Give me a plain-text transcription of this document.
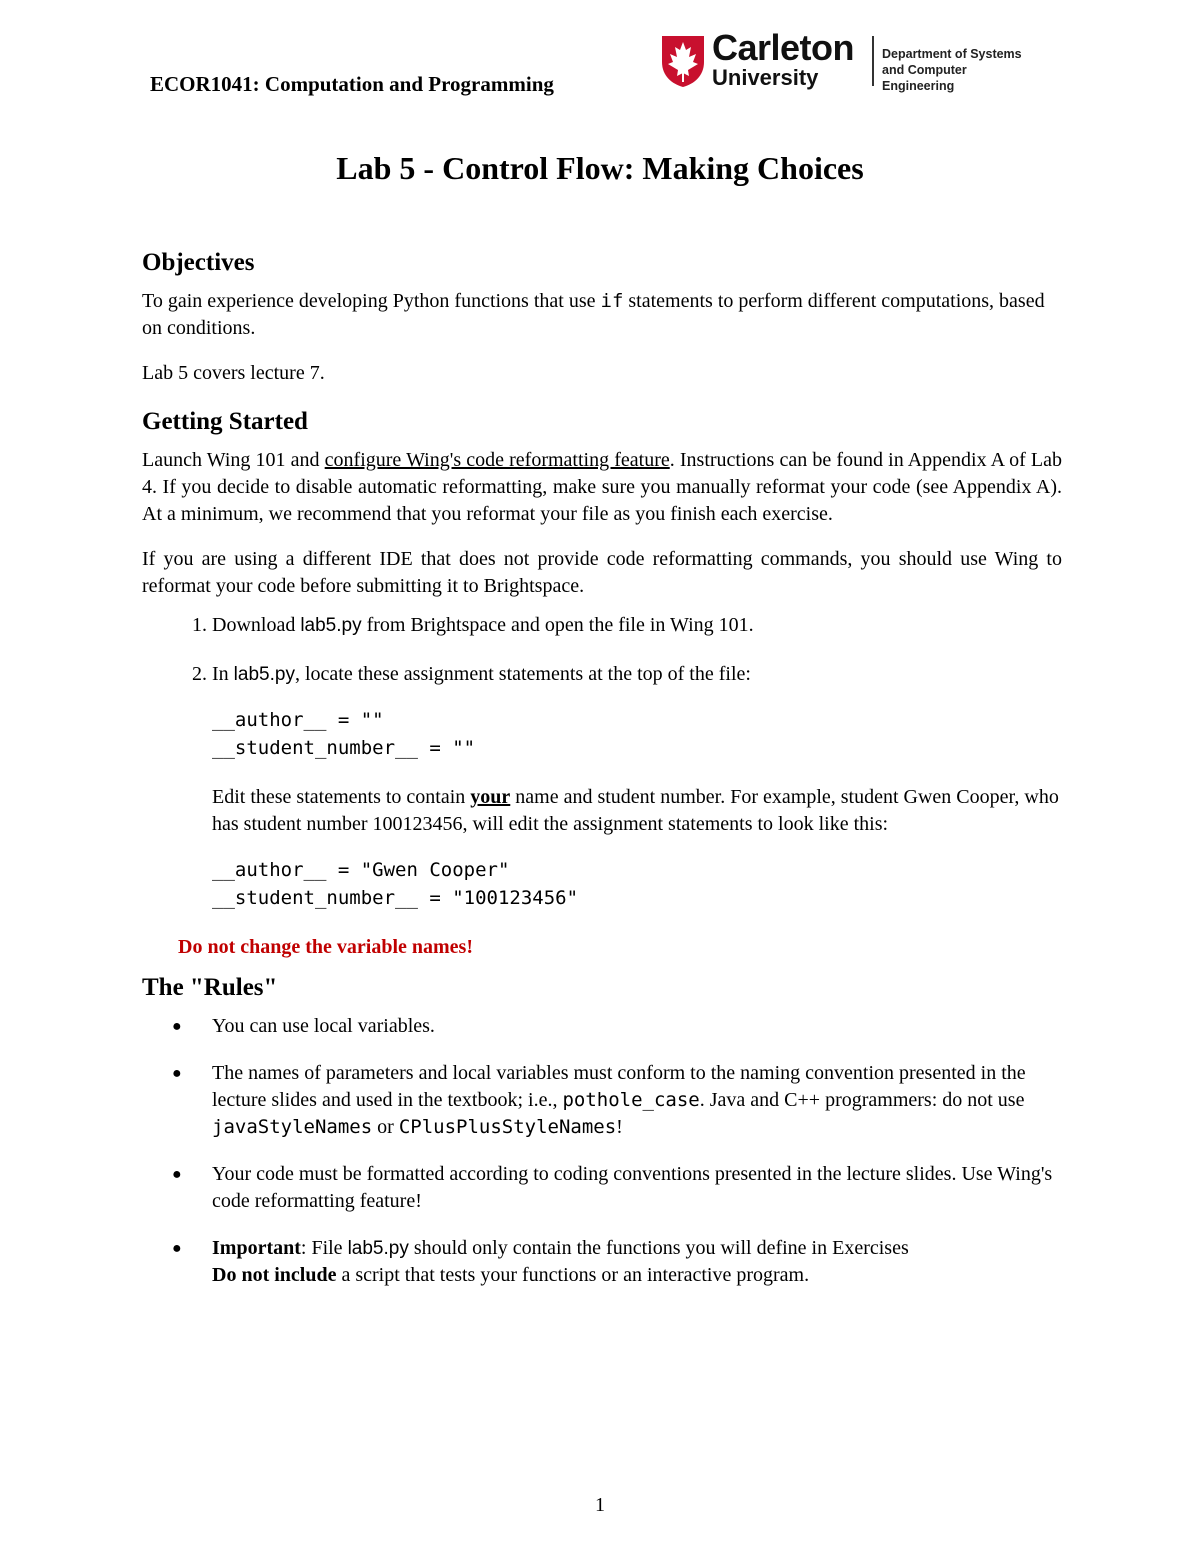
ECOR1041: Computation and Programming
Carleton
University
Department of Systems
and Computer Engineering
Lab 5 - Control Flow: Making Choices
Objectives

To gain experience developing Python functions that use if statements to perform different computations, based on conditions.

Lab 5 covers lecture 7.

Getting Started

Launch Wing 101 and configure Wing's code reformatting feature. Instructions can be found in Appendix A of Lab 4. If you decide to disable automatic reformatting, make sure you manually reformat your code (see Appendix A). At a minimum, we recommend that you reformat your file as you finish each exercise.

If you are using a different IDE that does not provide code reformatting commands, you should use Wing to reformat your code before submitting it to Brightspace.

1. Download lab5.py from Brightspace and open the file in Wing 101.
2. In lab5.py, locate these assignment statements at the top of the file:
__author__ = ""
__student_number__ = ""
Edit these statements to contain your name and student number. For example, student Gwen Cooper, who has student number 100123456, will edit the assignment statements to look like this:
__author__ = "Gwen Cooper"
__student_number__ = "100123456"
Do not change the variable names!
The "Rules"
● You can use local variables.
● The names of parameters and local variables must conform to the naming convention presented in the lecture slides and used in the textbook; i.e., pothole_case. Java and C++ programmers: do not use javaStyleNames or CPlusPlusStyleNames!
● Your code must be formatted according to coding conventions presented in the lecture slides. Use Wing's code reformatting feature!
● Important: File lab5.py should only contain the functions you will define in Exercises
Do not include a script that tests your functions or an interactive program.
1
